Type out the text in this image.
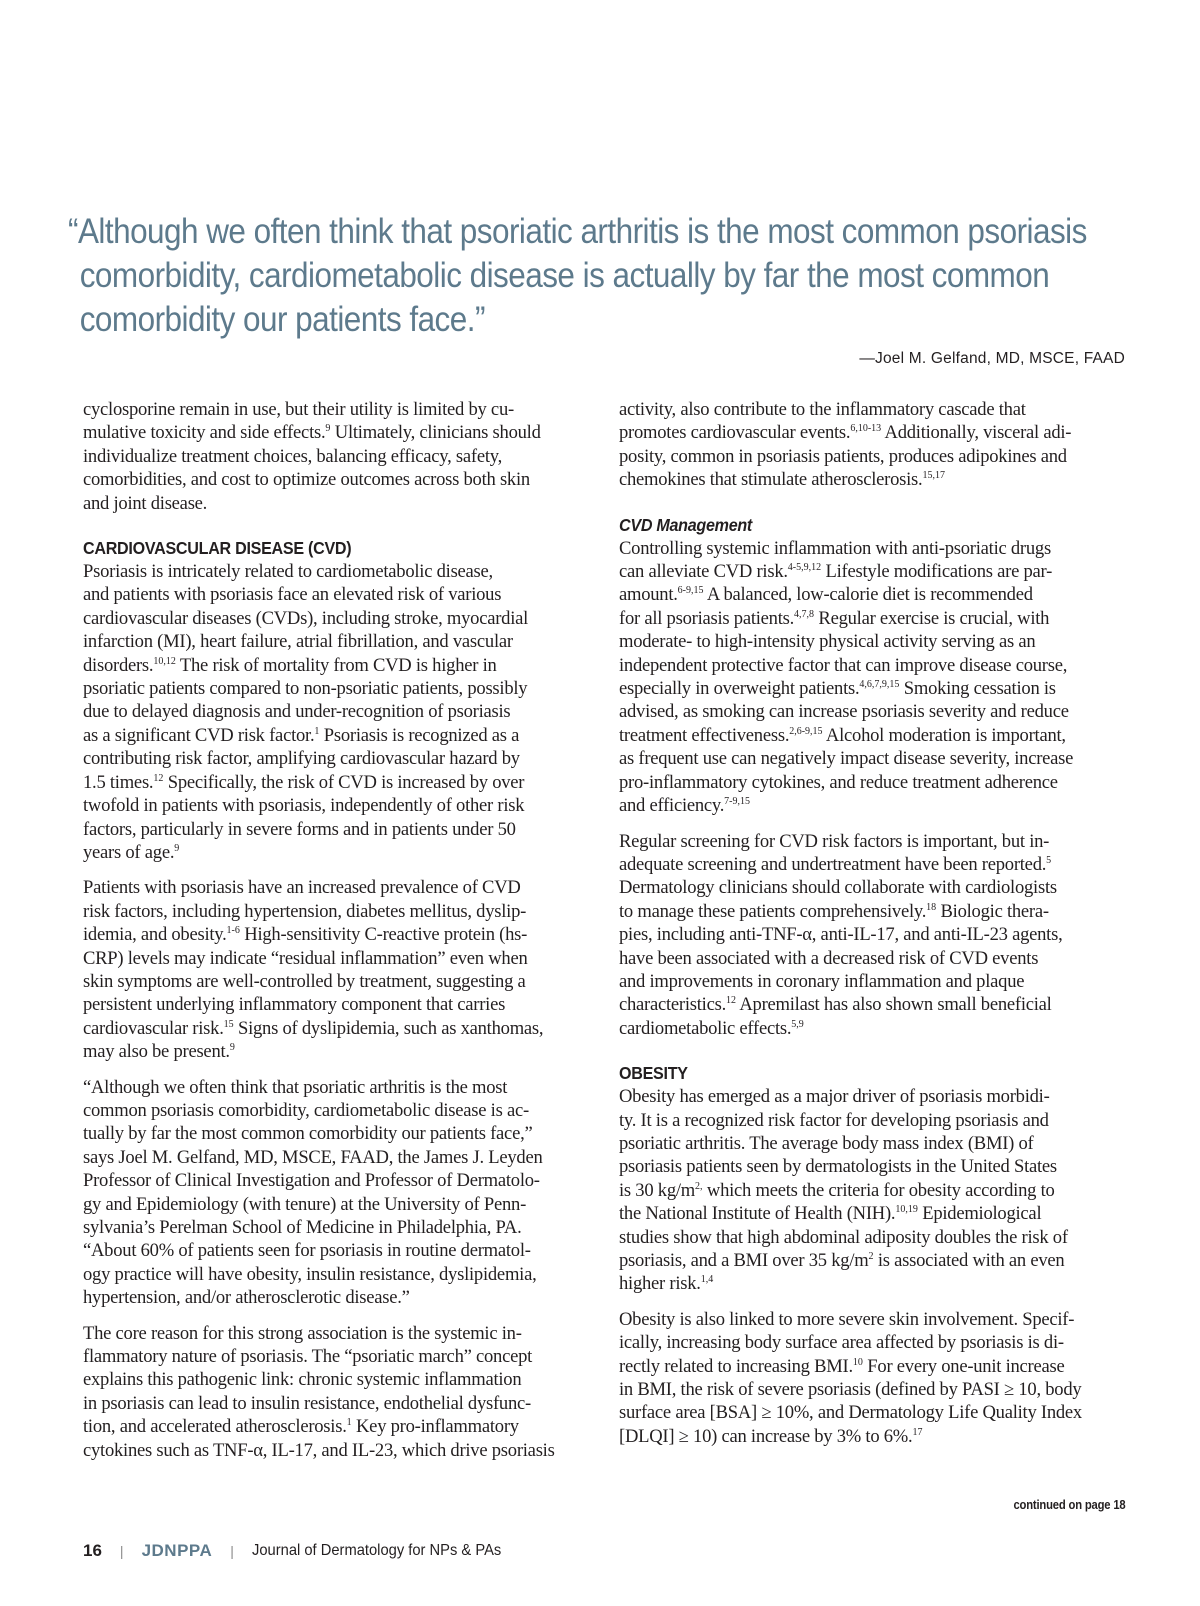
“Although we often think that psoriatic arthritis is the most common psoriasis
comorbidity, cardiometabolic disease is actually by far the most common
comorbidity our patients face.”
—Joel M. Gelfand, MD, MSCE, FAAD
cyclosporine remain in use, but their utility is limited by cu-
mulative toxicity and side effects.$^9$ Ultimately, clinicians should
individualize treatment choices, balancing efficacy, safety,
comorbidities, and cost to optimize outcomes across both skin
and joint disease.
CARDIOVASCULAR DISEASE (CVD)
Psoriasis is intricately related to cardiometabolic disease,
and patients with psoriasis face an elevated risk of various
cardiovascular diseases (CVDs), including stroke, myocardial
infarction (MI), heart failure, atrial fibrillation, and vascular
disorders.$^{10,12}$ The risk of mortality from CVD is higher in
psoriatic patients compared to non-psoriatic patients, possibly
due to delayed diagnosis and under-recognition of psoriasis
as a significant CVD risk factor.$^1$ Psoriasis is recognized as a
contributing risk factor, amplifying cardiovascular hazard by
1.5 times.$^{12}$ Specifically, the risk of CVD is increased by over
twofold in patients with psoriasis, independently of other risk
factors, particularly in severe forms and in patients under 50
years of age.$^9$
Patients with psoriasis have an increased prevalence of CVD
risk factors, including hypertension, diabetes mellitus, dyslip-
idemia, and obesity.$^{1-6}$ High-sensitivity C-reactive protein (hs-
CRP) levels may indicate “residual inflammation” even when
skin symptoms are well-controlled by treatment, suggesting a
persistent underlying inflammatory component that carries
cardiovascular risk.$^{15}$ Signs of dyslipidemia, such as xanthomas,
may also be present.$^9$
“Although we often think that psoriatic arthritis is the most
common psoriasis comorbidity, cardiometabolic disease is ac-
tually by far the most common comorbidity our patients face,”
says Joel M. Gelfand, MD, MSCE, FAAD, the James J. Leyden
Professor of Clinical Investigation and Professor of Dermatolo-
gy and Epidemiology (with tenure) at the University of Penn-
sylvania’s Perelman School of Medicine in Philadelphia, PA.
“About 60% of patients seen for psoriasis in routine dermatol-
ogy practice will have obesity, insulin resistance, dyslipidemia,
hypertension, and/or atherosclerotic disease.”
The core reason for this strong association is the systemic in-
flammatory nature of psoriasis. The “psoriatic march” concept
explains this pathogenic link: chronic systemic inflammation
in psoriasis can lead to insulin resistance, endothelial dysfunc-
tion, and accelerated atherosclerosis.$^1$ Key pro-inflammatory
cytokines such as TNF-α, IL-17, and IL-23, which drive psoriasis
activity, also contribute to the inflammatory cascade that
promotes cardiovascular events.$^{6,10-13}$ Additionally, visceral adi-
posity, common in psoriasis patients, produces adipokines and
chemokines that stimulate atherosclerosis.$^{15,17}$
CVD Management
Controlling systemic inflammation with anti-psoriatic drugs
can alleviate CVD risk.$^{4-5,9,12}$ Lifestyle modifications are par-
amount.$^{6-9,15}$ A balanced, low-calorie diet is recommended
for all psoriasis patients.$^{4,7,8}$ Regular exercise is crucial, with
moderate- to high-intensity physical activity serving as an
independent protective factor that can improve disease course,
especially in overweight patients.$^{4,6,7,9,15}$ Smoking cessation is
advised, as smoking can increase psoriasis severity and reduce
treatment effectiveness.$^{2,6-9,15}$ Alcohol moderation is important,
as frequent use can negatively impact disease severity, increase
pro-inflammatory cytokines, and reduce treatment adherence
and efficiency.$^{7-9,15}$
Regular screening for CVD risk factors is important, but in-
adequate screening and undertreatment have been reported.$^5$
Dermatology clinicians should collaborate with cardiologists
to manage these patients comprehensively.$^{18}$ Biologic thera-
pies, including anti-TNF-α, anti-IL-17, and anti-IL-23 agents,
have been associated with a decreased risk of CVD events
and improvements in coronary inflammation and plaque
characteristics.$^{12}$ Apremilast has also shown small beneficial
cardiometabolic effects.$^{5,9}$
OBESITY
Obesity has emerged as a major driver of psoriasis morbidi-
ty. It is a recognized risk factor for developing psoriasis and
psoriatic arthritis. The average body mass index (BMI) of
psoriasis patients seen by dermatologists in the United States
is 30 $kg/m^{2,}$ which meets the criteria for obesity according to
the National Institute of Health (NIH).$^{10,19}$ Epidemiological
studies show that high abdominal adiposity doubles the risk of
psoriasis, and a BMI over 35 $kg/m^2$ is associated with an even
higher risk.$^{1,4}$
Obesity is also linked to more severe skin involvement. Specif-
ically, increasing body surface area affected by psoriasis is di-
rectly related to increasing BMI.$^{10}$ For every one-unit increase
in BMI, the risk of severe psoriasis (defined by PASI ≥ 10, body
surface area [BSA] ≥ 10%, and Dermatology Life Quality Index
[DLQI] ≥ 10) can increase by 3% to 6%.$^{17}$
continued on page 18
16 | JDNPPA | Journal of Dermatology for NPs & PAs
